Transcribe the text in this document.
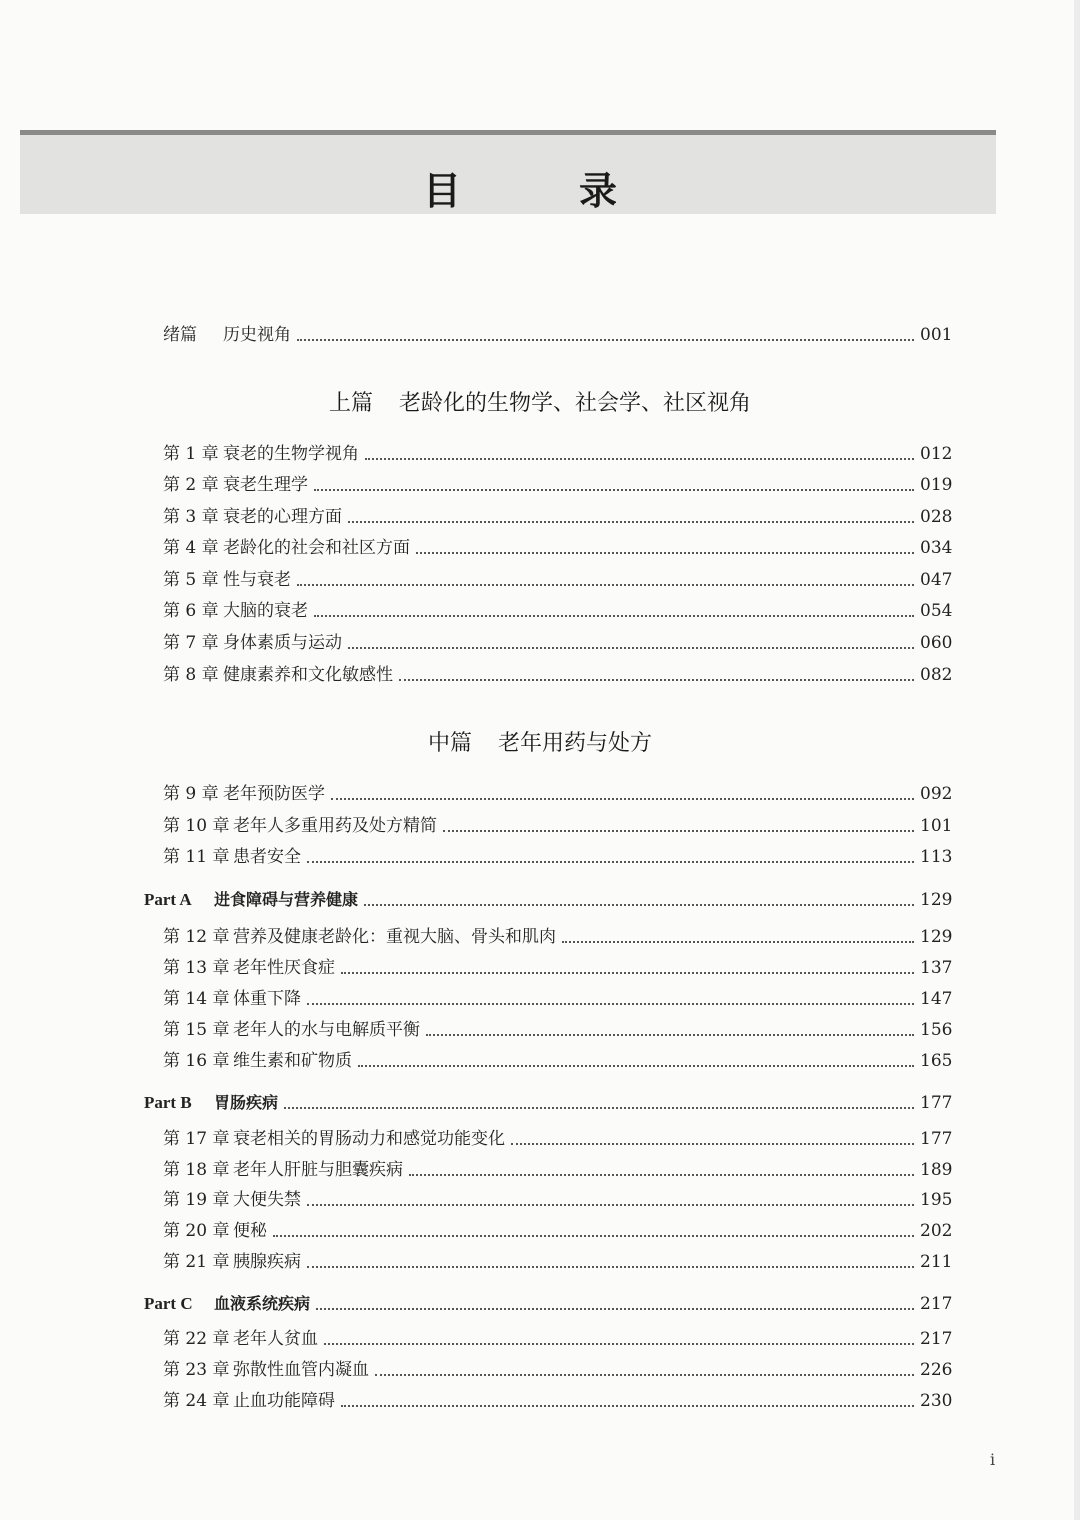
目　录
绪篇	历史视角	001
上篇 老龄化的生物学、社会学、社区视角
第 1 章 衰老的生物学视角	012
第 2 章 衰老生理学	019
第 3 章 衰老的心理方面	028
第 4 章 老龄化的社会和社区方面	034
第 5 章 性与衰老	047
第 6 章 大脑的衰老	054
第 7 章 身体素质与运动	060
第 8 章 健康素养和文化敏感性	082
中篇 老年用药与处方
第 9 章 老年预防医学	092
第 10 章 老年人多重用药及处方精简	101
第 11 章 患者安全	113
Part A	进食障碍与营养健康	129
第 12 章 营养及健康老龄化：重视大脑、骨头和肌肉	129
第 13 章 老年性厌食症	137
第 14 章 体重下降	147
第 15 章 老年人的水与电解质平衡	156
第 16 章 维生素和矿物质	165
Part B	胃肠疾病	177
第 17 章 衰老相关的胃肠动力和感觉功能变化	177
第 18 章 老年人肝脏与胆囊疾病	189
第 19 章 大便失禁	195
第 20 章 便秘	202
第 21 章 胰腺疾病	211
Part C	血液系统疾病	217
第 22 章 老年人贫血	217
第 23 章 弥散性血管内凝血	226
第 24 章 止血功能障碍	230
i
